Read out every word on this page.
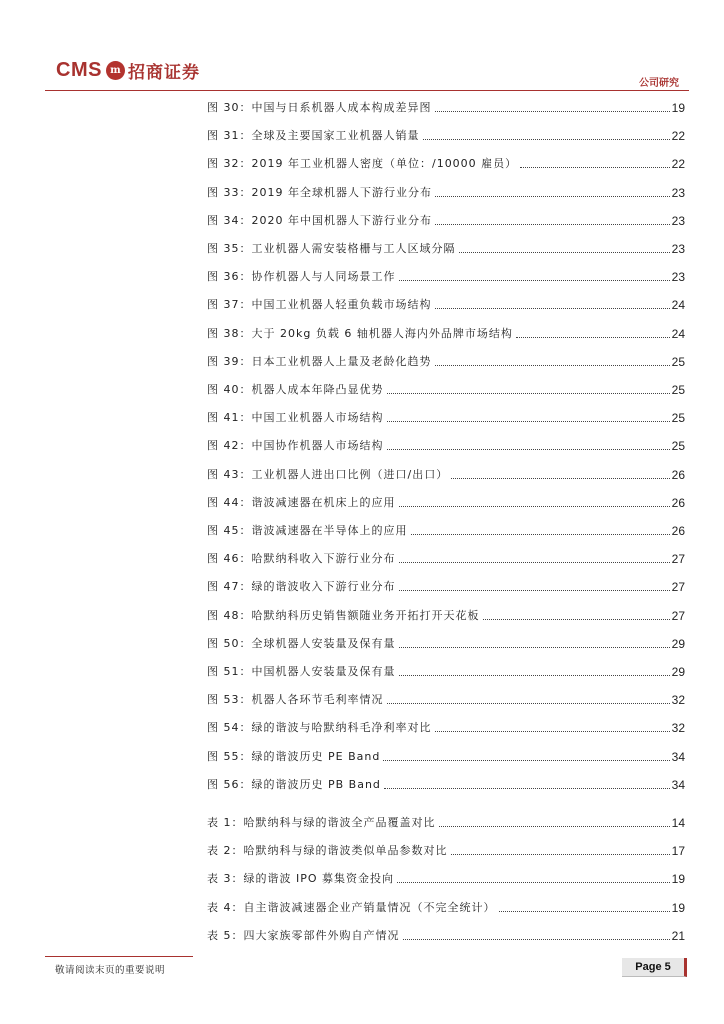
CMS m 招商证券
公司研究
图 30：中国与日系机器人成本构成差异图	19
图 31：全球及主要国家工业机器人销量	22
图 32：2019 年工业机器人密度（单位：/10000 雇员）	22
图 33：2019 年全球机器人下游行业分布	23
图 34：2020 年中国机器人下游行业分布	23
图 35：工业机器人需安装格栅与工人区域分隔	23
图 36：协作机器人与人同场景工作	23
图 37：中国工业机器人轻重负载市场结构	24
图 38：大于 20kg 负载 6 轴机器人海内外品牌市场结构	24
图 39：日本工业机器人上量及老龄化趋势	25
图 40：机器人成本年降凸显优势	25
图 41：中国工业机器人市场结构	25
图 42：中国协作机器人市场结构	25
图 43：工业机器人进出口比例（进口/出口）	26
图 44：谐波减速器在机床上的应用	26
图 45：谐波减速器在半导体上的应用	26
图 46：哈默纳科收入下游行业分布	27
图 47：绿的谐波收入下游行业分布	27
图 48：哈默纳科历史销售额随业务开拓打开天花板	27
图 50：全球机器人安装量及保有量	29
图 51：中国机器人安装量及保有量	29
图 53：机器人各环节毛利率情况	32
图 54：绿的谐波与哈默纳科毛净利率对比	32
图 55：绿的谐波历史 PE Band	34
图 56：绿的谐波历史 PB Band	34
表 1：哈默纳科与绿的谐波全产品覆盖对比	14
表 2：哈默纳科与绿的谐波类似单品参数对比	17
表 3：绿的谐波 IPO 募集资金投向	19
表 4：自主谐波减速器企业产销量情况（不完全统计）	19
表 5：四大家族零部件外购自产情况	21
敬请阅读末页的重要说明	Page 5
